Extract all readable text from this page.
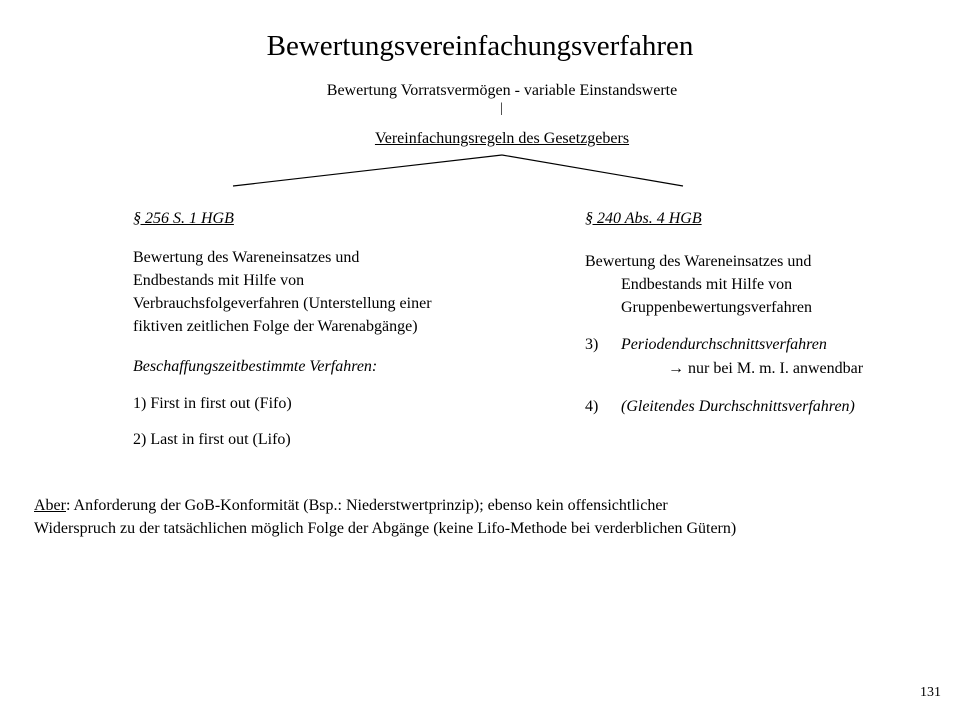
Bewertungsvereinfachungsverfahren
Bewertung Vorratsvermögen - variable Einstandswerte
|
Vereinfachungsregeln des Gesetzgebers
§ 256 S. 1 HGB
Bewertung des Wareneinsatzes und
Endbestands mit Hilfe von
Verbrauchsfolgeverfahren (Unterstellung einer
fiktiven zeitlichen Folge der Warenabgänge)
Beschaffungszeitbestimmte Verfahren:
1) First in first out (Fifo)
2) Last in first out (Lifo)
§ 240 Abs. 4 HGB
Bewertung des Wareneinsatzes und
Endbestands mit Hilfe von
Gruppenbewertungsverfahren
3) Periodendurchschnittsverfahren
→ nur bei M. m. I. anwendbar
4) (Gleitendes Durchschnittsverfahren)
Aber: Anforderung der GoB-Konformität (Bsp.: Niederstwertprinzip); ebenso kein offensichtlicher
Widerspruch zu der tatsächlichen möglich Folge der Abgänge (keine Lifo-Methode bei verderblichen Gütern)
131
